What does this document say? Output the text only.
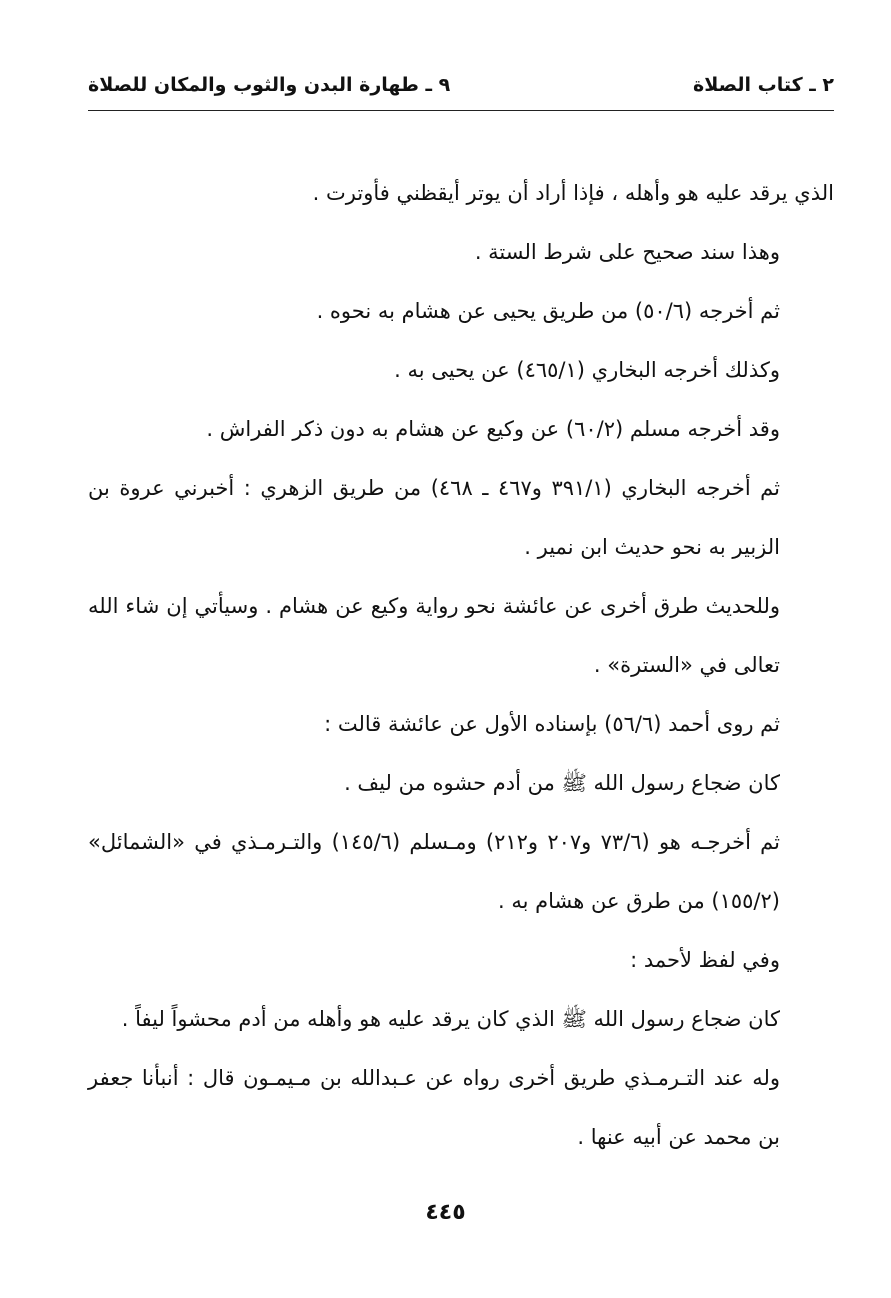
٢ ـ كتاب الصلاة
٩ ـ طهارة البدن والثوب والمكان للصلاة

الذي يرقد عليه هو وأهله ، فإذا أراد أن يوتر أيقظني فأوترت .

وهذا سند صحيح على شرط الستة .

ثم أخرجه (٥٠/٦) من طريق يحيى عن هشام به نحوه .

وكذلك أخرجه البخاري (٤٦٥/١) عن يحيى به .

وقد أخرجه مسلم (٦٠/٢) عن وكيع عن هشام به دون ذكر الفراش .

ثم أخرجه البخاري (٣٩١/١ و٤٦٧ ـ ٤٦٨) من طريق الزهري : أخبرني عروة بن الزبير به نحو حديث ابن نمير .

وللحديث طرق أخرى عن عائشة نحو رواية وكيع عن هشام . وسيأتي إن شاء الله تعالى في «السترة» .

ثم روى أحمد (٥٦/٦) بإسناده الأول عن عائشة قالت :

كان ضجاع رسول الله ﷺ من أدم حشوه من ليف .

ثم أخرجـه هو (٧٣/٦ و٢٠٧ و٢١٢) ومـسلم (١٤٥/٦) والتـرمـذي في «الشمائل» (١٥٥/٢) من طرق عن هشام به .

وفي لفظ لأحمد :

كان ضجاع رسول الله ﷺ الذي كان يرقد عليه هو وأهله من أدم محشواً ليفاً .

وله عند التـرمـذي طريق أخرى رواه عن عـبدالله بن مـيمـون قال : أنبأنا جعفر بن محمد عن أبيه عنها .

٤٤٥
